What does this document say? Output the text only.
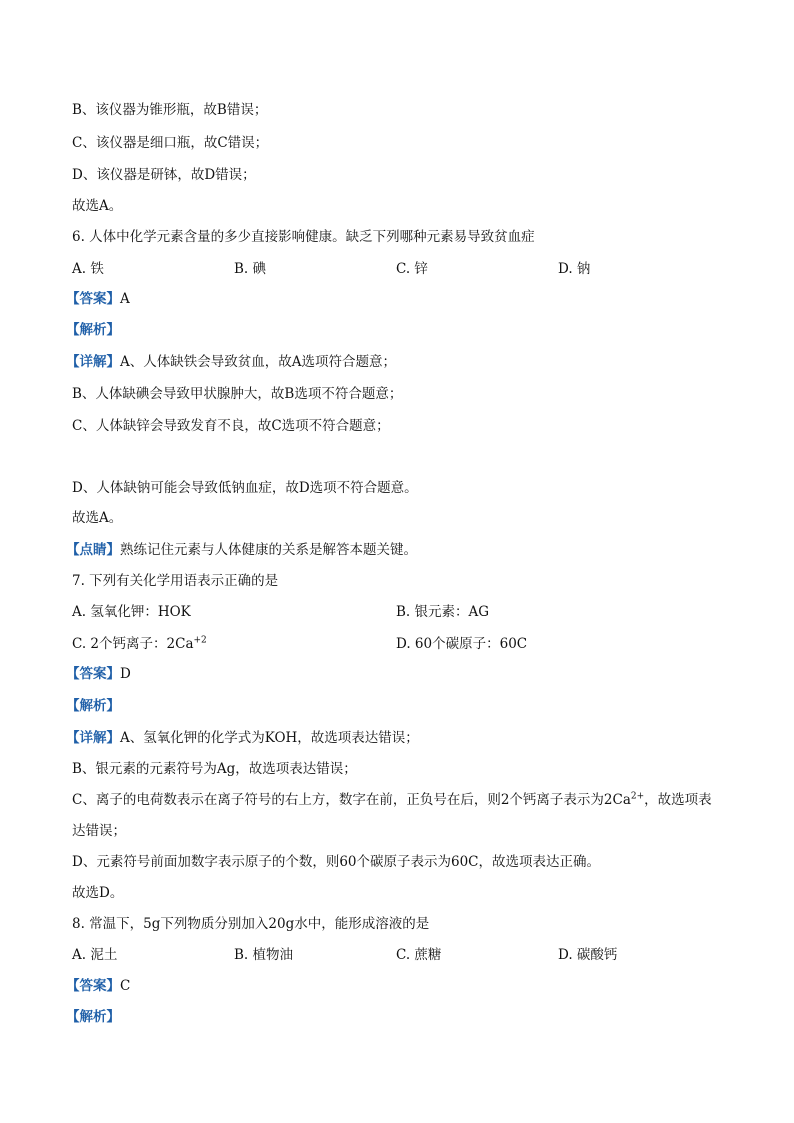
B、该仪器为锥形瓶，故B错误；
C、该仪器是细口瓶，故C错误；
D、该仪器是研钵，故D错误；
故选A。
6. 人体中化学元素含量的多少直接影响健康。缺乏下列哪种元素易导致贫血症
A. 铁	B. 碘	C. 锌	D. 钠
【 答案 】 A
【 解析 】
【 详解 】 A、人体缺铁会导致贫血，故A选项符合题意；
B、人体缺碘会导致甲状腺肿大，故B选项不符合题意；
C、人体缺锌会导致发育不良，故C选项不符合题意；
D、人体缺钠可能会导致低钠血症，故D选项不符合题意。
故选A。
【 点睛 】 熟练记住元素与人体健康的关系是解答本题关键。
7. 下列有关化学用语表示正确的是
A. 氢氧化钾：HOK	B. 银元素：AG
C. 2个钙离子：$2Ca^{+2}$	D. 60个碳原子：60C
【 答案 】 D
【 解析 】
【 详解 】 A、氢氧化钾的化学式为KOH，故选项表达错误；
B、银元素的元素符号为Ag，故选项表达错误；
C、离子的电荷数表示在离子符号的右上方，数字在前，正负号在后，则2个钙离子表示为$2Ca^{2+}$，故选项表
达错误；
D、元素符号前面加数字表示原子的个数，则60个碳原子表示为60C，故选项表达正确。
故选D。
8. 常温下，5g下列物质分别加入20g水中，能形成溶液的是
A. 泥土	B. 植物油	C. 蔗糖	D. 碳酸钙
【 答案 】 C
【 解析 】
